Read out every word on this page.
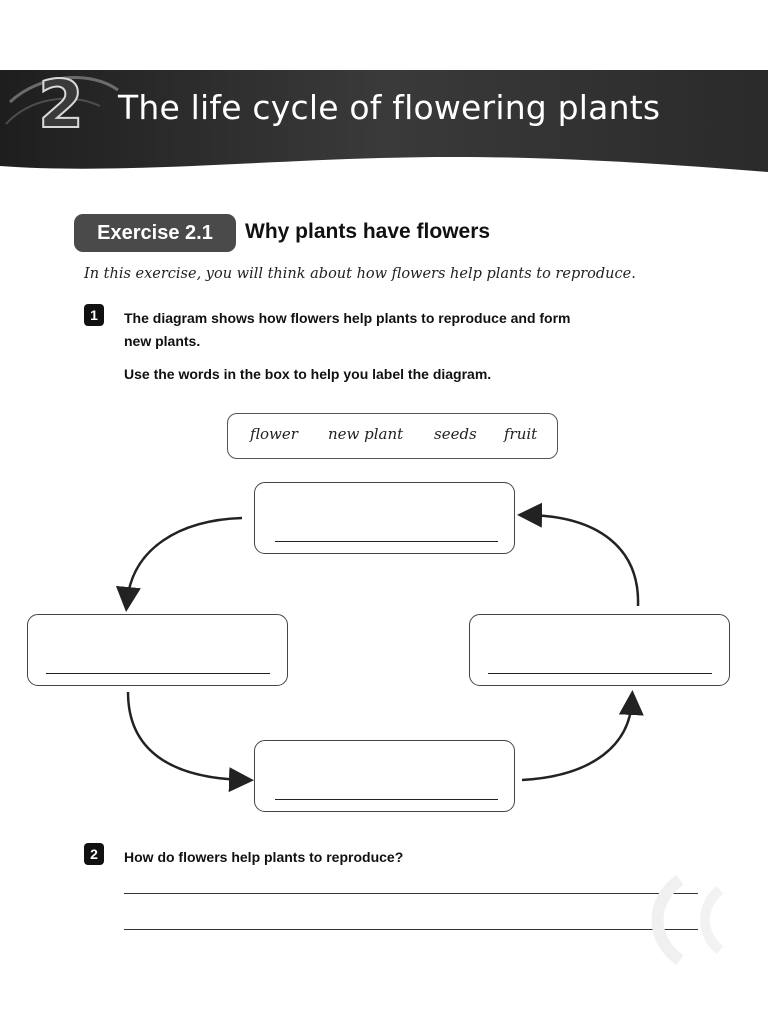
2 The life cycle of flowering plants
Exercise 2.1	Why plants have flowers
In this exercise, you will think about how flowers help plants to reproduce.
1	The diagram shows how flowers help plants to reproduce and form
new plants.
Use the words in the box to help you label the diagram.
flower new plant seeds fruit
2	How do flowers help plants to reproduce?
